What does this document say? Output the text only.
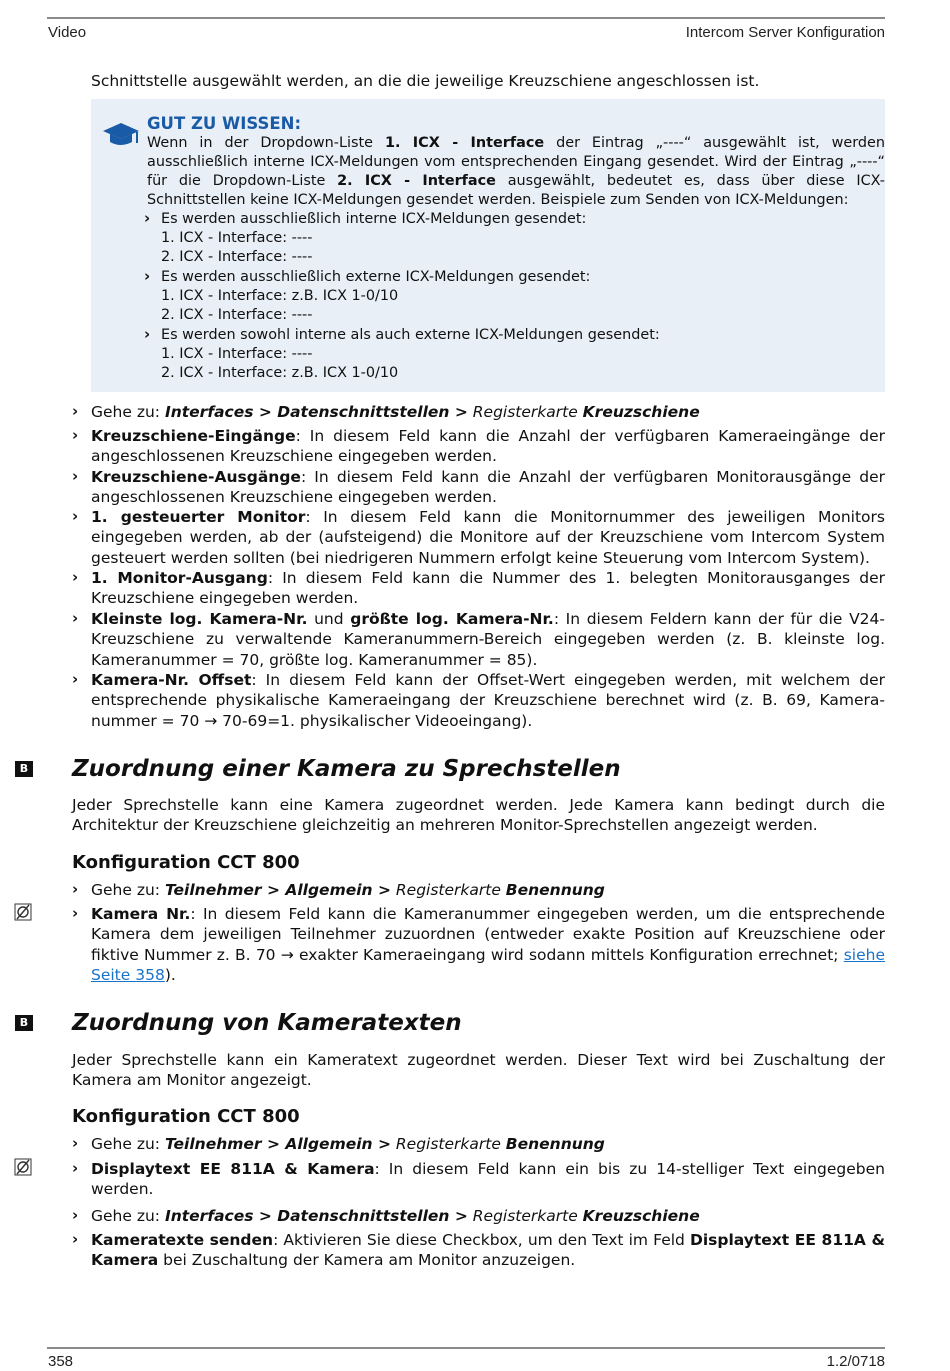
Video	Intercom Server Konfiguration
Schnittstelle ausgewählt werden, an die die jeweilige Kreuzschiene angeschlossen ist.
GUT ZU WISSEN:
Wenn in der Dropdown-Liste 1. ICX - Interface der Eintrag „----“ ausgewählt ist, werden ausschließlich interne ICX-Meldungen vom entsprechenden Eingang gesendet. Wird der Eintrag „----“ für die Dropdown-Liste 2. ICX - Interface ausgewählt, bedeutet es, dass über diese ICX-Schnittstellen keine ICX-Meldungen gesendet werden. Beispiele zum Senden von ICX-Meldungen:
› Es werden ausschließlich interne ICX-Meldungen gesendet:
1. ICX - Interface: ----
2. ICX - Interface: ----
› Es werden ausschließlich externe ICX-Meldungen gesendet:
1. ICX - Interface: z.B. ICX 1-0/10
2. ICX - Interface: ----
› Es werden sowohl interne als auch externe ICX-Meldungen gesendet:
1. ICX - Interface: ----
2. ICX - Interface: z.B. ICX 1-0/10
› Gehe zu: Interfaces > Datenschnittstellen > Registerkarte Kreuzschiene
› Kreuzschiene-Eingänge: In diesem Feld kann die Anzahl der verfügbaren Kameraeingänge der angeschlossenen Kreuzschiene eingegeben werden.
› Kreuzschiene-Ausgänge: In diesem Feld kann die Anzahl der verfügbaren Monitorausgänge der angeschlossenen Kreuzschiene eingegeben werden.
› 1. gesteuerter Monitor: In diesem Feld kann die Monitornummer des jeweiligen Monitors eingegeben werden, ab der (aufsteigend) die Monitore auf der Kreuzschiene vom Intercom System gesteuert werden sollten (bei niedrigeren Nummern erfolgt keine Steuerung vom Intercom System).
› 1. Monitor-Ausgang: In diesem Feld kann die Nummer des 1. belegten Monitorausganges der Kreuzschiene eingegeben werden.
› Kleinste log. Kamera-Nr. und größte log. Kamera-Nr.: In diesem Feldern kann der für die V24-Kreuzschiene zu verwaltende Kameranummern-Bereich eingegeben werden (z. B. kleinste log. Kameranummer = 70, größte log. Kameranummer = 85).
› Kamera-Nr. Offset: In diesem Feld kann der Offset-Wert eingegeben werden, mit welchem der entsprechende physikalische Kameraeingang der Kreuzschiene berechnet wird (z. B. 69, Kamera-nummer = 70 → 70-69=1. physikalischer Videoeingang).
B Zuordnung einer Kamera zu Sprechstellen
Jeder Sprechstelle kann eine Kamera zugeordnet werden. Jede Kamera kann bedingt durch die Architektur der Kreuzschiene gleichzeitig an mehreren Monitor-Sprechstellen angezeigt werden.
Konfiguration CCT 800
› Gehe zu: Teilnehmer > Allgemein > Registerkarte Benennung
› Kamera Nr.: In diesem Feld kann die Kameranummer eingegeben werden, um die entsprechende Kamera dem jeweiligen Teilnehmer zuzuordnen (entweder exakte Position auf Kreuzschiene oder fiktive Nummer z. B. 70 → exakter Kameraeingang wird sodann mittels Konfiguration errechnet; siehe Seite 358).
B Zuordnung von Kameratexten
Jeder Sprechstelle kann ein Kameratext zugeordnet werden. Dieser Text wird bei Zuschaltung der Kamera am Monitor angezeigt.
Konfiguration CCT 800
› Gehe zu: Teilnehmer > Allgemein > Registerkarte Benennung
› Displaytext EE 811A & Kamera: In diesem Feld kann ein bis zu 14-stelliger Text eingegeben werden.
› Gehe zu: Interfaces > Datenschnittstellen > Registerkarte Kreuzschiene
› Kameratexte senden: Aktivieren Sie diese Checkbox, um den Text im Feld Displaytext EE 811A & Kamera bei Zuschaltung der Kamera am Monitor anzuzeigen.
358	1.2/0718
